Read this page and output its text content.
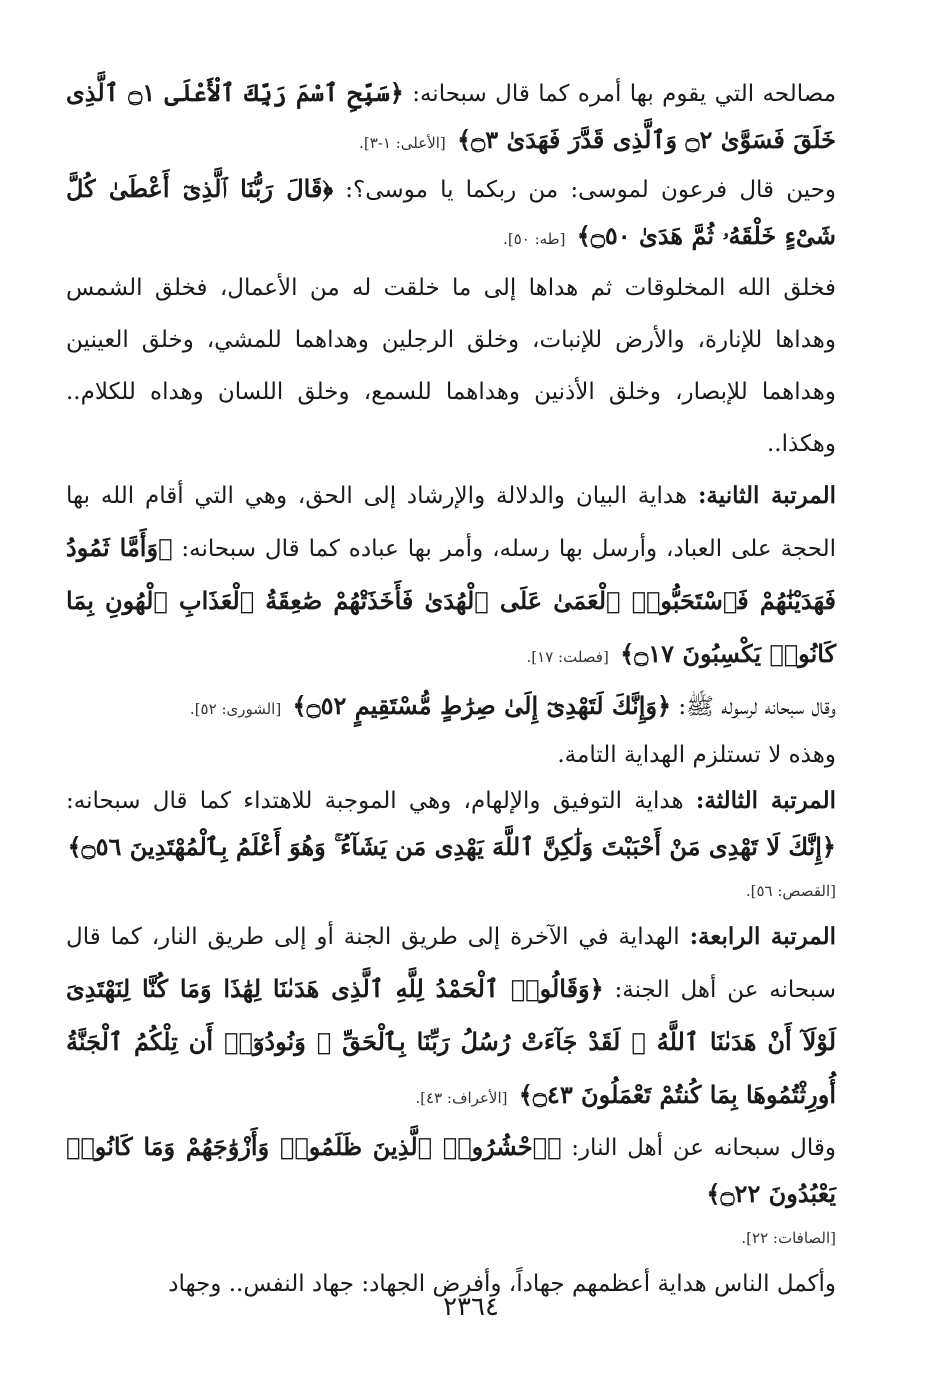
مصالحه التي يقوم بها أمره كما قال سبحانه: ﴿سَبِّحِ ٱسْمَ رَبِّكَ ٱلْأَعْلَى ۝١ ٱلَّذِى خَلَقَ فَسَوَّىٰ ۝٢ وَٱلَّذِى قَدَّرَ فَهَدَىٰ ۝٣﴾ [الأعلى: ١-٣].

وحين قال فرعون لموسى: من ربكما يا موسى؟: ﴿قَالَ رَبُّنَا ٱلَّذِىٓ أَعْطَىٰ كُلَّ شَىْءٍ خَلْقَهُۥ ثُمَّ هَدَىٰ ۝٥٠﴾ [طه: ٥٠].

فخلق الله المخلوقات ثم هداها إلى ما خلقت له من الأعمال، فخلق الشمس وهداها للإنارة، والأرض للإنبات، وخلق الرجلين وهداهما للمشي، وخلق العينين وهداهما للإبصار، وخلق الأذنين وهداهما للسمع، وخلق اللسان وهداه للكلام.. وهكذا..

المرتبة الثانية: هداية البيان والدلالة والإرشاد إلى الحق، وهي التي أقام الله بها الحجة على العباد، وأرسل بها رسله، وأمر بها عباده كما قال سبحانه: ﴿وَأَمَّا ثَمُودُ فَهَدَيْنَٰهُمْ فَٱسْتَحَبُّوا۟ ٱلْعَمَىٰ عَلَى ٱلْهُدَىٰ فَأَخَذَتْهُمْ صَٰعِقَةُ ٱلْعَذَابِ ٱلْهُونِ بِمَا كَانُوا۟ يَكْسِبُونَ ۝١٧﴾ [فصلت: ١٧].

وقال سبحانه لرسوله ﷺ: ﴿وَإِنَّكَ لَتَهْدِىٓ إِلَىٰ صِرَٰطٍ مُّسْتَقِيمٍ ۝٥٢﴾ [الشورى: ٥٢].

وهذه لا تستلزم الهداية التامة.

المرتبة الثالثة: هداية التوفيق والإلهام، وهي الموجبة للاهتداء كما قال سبحانه: ﴿إِنَّكَ لَا تَهْدِى مَنْ أَحْبَبْتَ وَلَٰكِنَّ ٱللَّهَ يَهْدِى مَن يَشَآءُ ۚ وَهُوَ أَعْلَمُ بِٱلْمُهْتَدِينَ ۝٥٦﴾

[القصص: ٥٦].

المرتبة الرابعة: الهداية في الآخرة إلى طريق الجنة أو إلى طريق النار، كما قال سبحانه عن أهل الجنة: ﴿وَقَالُوا۟ ٱلْحَمْدُ لِلَّهِ ٱلَّذِى هَدَىٰنَا لِهَٰذَا وَمَا كُنَّا لِنَهْتَدِىَ لَوْلَآ أَنْ هَدَىٰنَا ٱللَّهُ ۖ لَقَدْ جَآءَتْ رُسُلُ رَبِّنَا بِٱلْحَقِّ ۖ وَنُودُوٓا۟ أَن تِلْكُمُ ٱلْجَنَّةُ أُورِثْتُمُوهَا بِمَا كُنتُمْ تَعْمَلُونَ ۝٤٣﴾ [الأعراف: ٤٣].

وقال سبحانه عن أهل النار: ﴿ٱحْشُرُوا۟ ٱلَّذِينَ ظَلَمُوا۟ وَأَزْوَٰجَهُمْ وَمَا كَانُوا۟ يَعْبُدُونَ ۝٢٢﴾

[الصافات: ٢٢].

وأكمل الناس هداية أعظمهم جهاداً، وأفرض الجهاد: جهاد النفس.. وجهاد

٢٣٦٤
